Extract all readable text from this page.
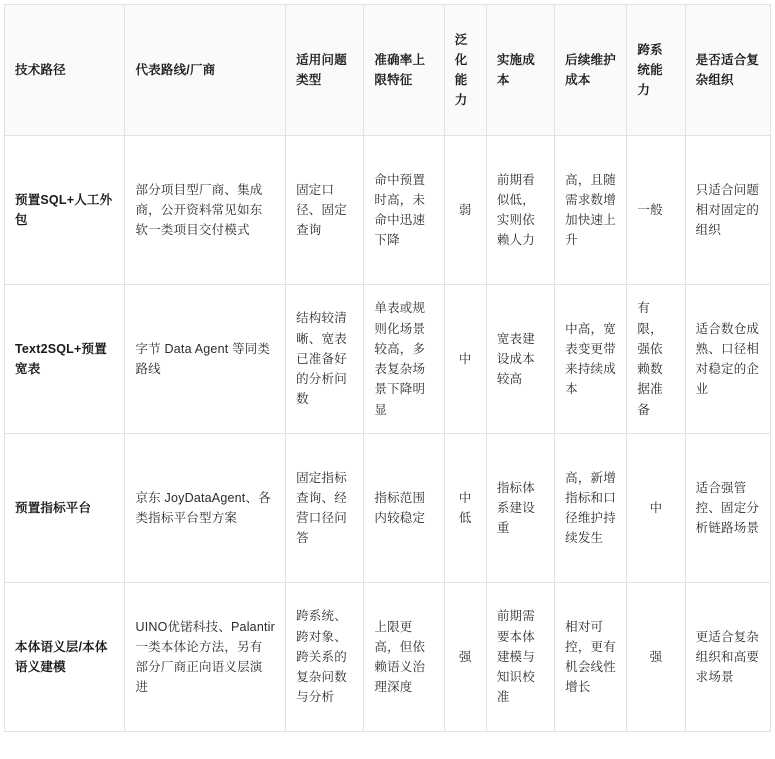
技术路径	代表路线/厂商	适用问题类型	准确率上限特征	泛化能力	实施成本	后续维护成本	跨系统能力	是否适合复杂组织
预置SQL+人工外包	部分项目型厂商、集成商，公开资料常见如东软一类项目交付模式	固定口径、固定查询	命中预置时高，未命中迅速下降	弱	前期看似低，实则依赖人力	高，且随需求数增加快速上升	一般	只适合问题相对固定的组织
Text2SQL+预置宽表	字节 Data Agent 等同类路线	结构较清晰、宽表已准备好的分析问数	单表或规则化场景较高，多表复杂场景下降明显	中	宽表建设成本较高	中高，宽表变更带来持续成本	有限，强依赖数据准备	适合数仓成熟、口径相对稳定的企业
预置指标平台	京东 JoyDataAgent、各类指标平台型方案	固定指标查询、经营口径问答	指标范围内较稳定	中低	指标体系建设重	高，新增指标和口径维护持续发生	中	适合强管控、固定分析链路场景
本体语义层/本体语义建模	UINO优锘科技、Palantir一类本体论方法，另有部分厂商正向语义层演进	跨系统、跨对象、跨关系的复杂问数与分析	上限更高，但依赖语义治理深度	强	前期需要本体建模与知识校准	相对可控，更有机会线性增长	强	更适合复杂组织和高要求场景
